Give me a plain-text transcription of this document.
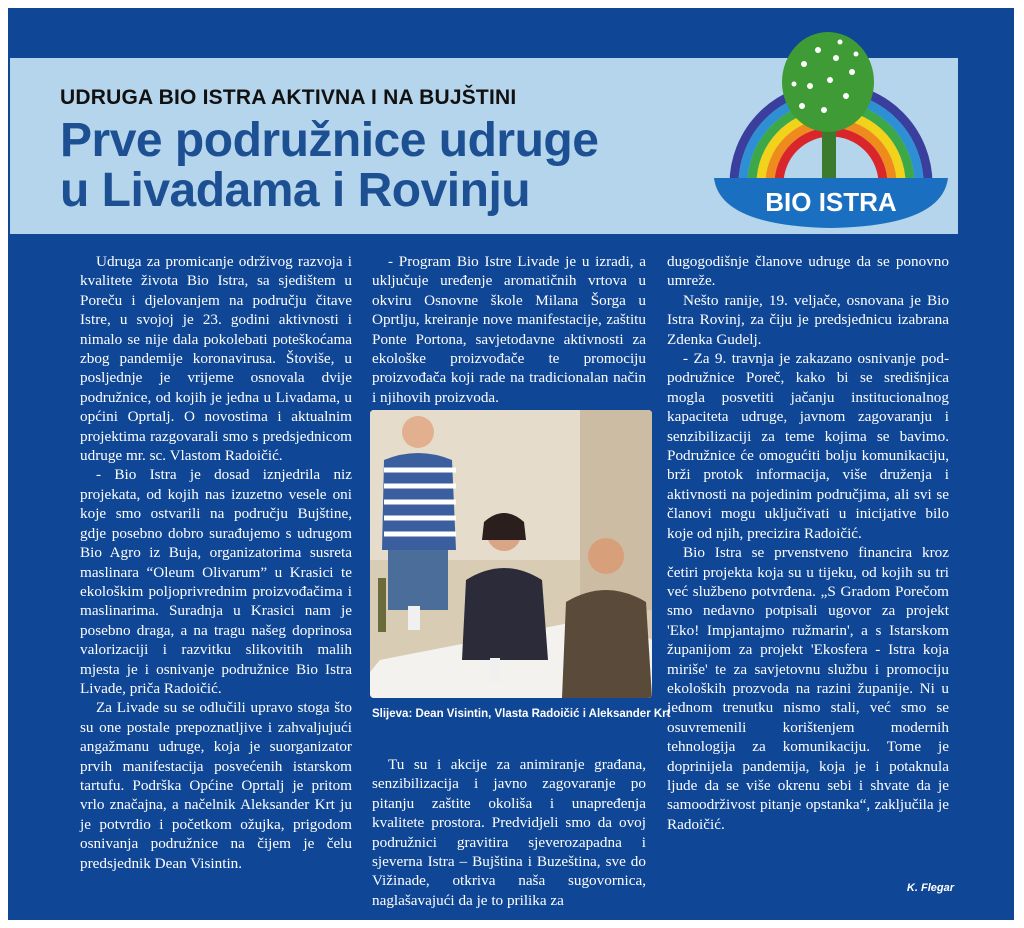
UDRUGA BIO ISTRA AKTIVNA I NA BUJŠTINI
Prve podružnice udruge
u Livadama i Rovinju	BIO ISTRA

Udruga za promicanje održivog razvoja i kvalitete života Bio Istra, sa sjedištem u Poreču i djelovanjem na području čitave Istre, u svojoj je 23. godini aktivnosti i nimalo se nije dala pokolebati poteškoćama zbog pandemije koronavirusa. Štoviše, u posljednje je vrijeme osnovala dvije podružnice, od kojih je jedna u Livadama, u općini Oprtalj. O novostima i aktualnim projektima razgovarali smo s predsjednicom udruge mr. sc. Vlastom Radoičić.

- Bio Istra je dosad iznjedrila niz projekata, od kojih nas izuzetno vesele oni koje smo ostvarili na području Bujštine, gdje posebno dobro surađujemo s udrugom Bio Agro iz Buja, organizatorima susreta maslinara “Oleum Olivarum” u Krasici te ekološkim poljoprivrednim proizvođačima i maslinarima. Suradnja u Krasici nam je posebno draga, a na tragu našeg doprinosa valorizaciji i razvitku slikovitih malih mjesta je i osnivanje podružnice Bio Istra Livade, priča Radoičić.

Za Livade su se odlučili upravo stoga što su one postale prepoznatljive i zahvaljujući angažmanu udruge, koja je suorganizator prvih manifestacija posvećenih istarskom tartufu. Podrška Općine Oprtalj je pritom vrlo značajna, a načelnik Aleksander Krt ju je potvrdio i početkom ožujka, prigodom osnivanja podružnice na čijem je čelu predsjednik Dean Visintin.

- Program Bio Istre Livade je u izradi, a uključuje uređenje aromatičnih vrtova u okviru Osnovne škole Milana Šorga u Oprtlju, kreiranje nove manifestacije, zaštitu Ponte Portona, savjetodavne aktivnosti za ekološke proizvođače te promociju proizvođača koji rade na tradicionalan način i njihovih proizvoda.

Slijeva: Dean Visintin, Vlasta Radoičić i Aleksander Krt

Tu su i akcije za animiranje građana, senzibilizacija i javno zagovaranje po pitanju zaštite okoliša i unapređenja kvalitete prostora. Predvidjeli smo da ovoj podružnici gravitira sjeverozapadna i sjeverna Istra – Bujština i Buzeština, sve do Vižinade, otkriva naša sugovornica, naglašavajući da je to prilika za

dugogodišnje članove udruge da se ponovno umreže.

Nešto ranije, 19. veljače, osnovana je Bio Istra Rovinj, za čiju je predsjednicu izabrana Zdenka Gudelj.

- Za 9. travnja je zakazano osnivanje pod-podružnice Poreč, kako bi se središnjica mogla posvetiti jačanju institucionalnog kapaciteta udruge, javnom zagovaranju i senzibilizaciji za teme kojima se bavimo. Podružnice će omogućiti bolju komunikaciju, brži protok informacija, više druženja i aktivnosti na pojedinim područjima, ali svi se članovi mogu uključivati u inicijative bilo koje od njih, precizira Radoičić.

Bio Istra se prvenstveno financira kroz četiri projekta koja su u tijeku, od kojih su tri već službeno potvrđena. „S Gradom Porečom smo nedavno potpisali ugovor za projekt 'Eko! Impjantajmo ružmarin', a s Istarskom županijom za projekt 'Ekosfera - Istra koja miriše' te za savjetovnu službu i promociju ekoloških prozvoda na razini županije. Ni u jednom trenutku nismo stali, već smo se osuvremenili korištenjem modernih tehnologija za komunikaciju. Tome je doprinijela pandemija, koja je i potaknula ljude da se više okrenu sebi i shvate da je samoodrživost pitanje opstanka“, zaključila je Radoičić.

K. Flegar
